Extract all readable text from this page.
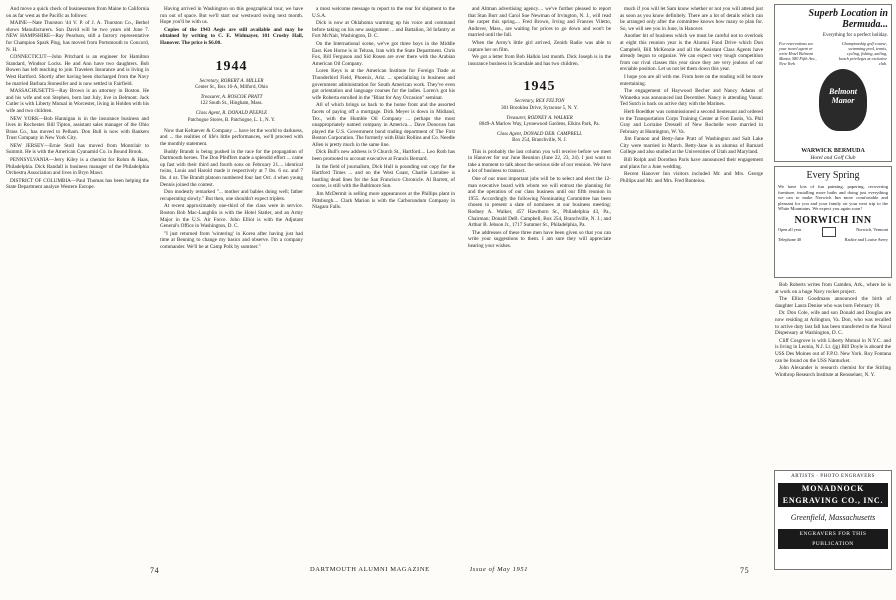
And move a quick check of businessmen from Maine to California on as far west as the Pacific as follows:

MAINE—Nate Thurston '44 V. P. of J. A. Thurston Co., Bethel shows Manufacturers. Son David will be two years old June 7. NEW HAMPSHIRE—Ray Pearlson, still a factory representative for Champion Spark Plug, has moved from Portsmouth to Concord, N. H.

CONNECTICUT—John Pritchard is an engineer for Hamilton Standard, Windsor Locks. He and Ann have two daughters. Bob Bowen has left teaching to join Travelers Insurance and is living in West Hartford. Shortly after having been discharged from the Navy he married Barbara Stonesifer and is now settled in Fairfield.

MASSACHUSETTS—Ray Brown is an attorney in Boston. He and his wife and son Stephen, born last July, live in Belmont. Jack Cutler is with Liberty Mutual in Worcester, living in Holden with his wife and two children.

NEW YORK—Bob Hannigan is in the insurance business and lives in Rochester. Bill Tipton, assistant sales manager of the Ohio Brass Co., has moved to Pelham. Don Bull is now with Bankers Trust Company in New York City.

NEW JERSEY—Ernie Stoll has moved from Montclair to Summit. He is with the American Cyanamid Co. in Bound Brook.

PENNSYLVANIA—Jerry Kiley is a chemist for Rohm & Haas, Philadelphia. Dick Randall is business manager of the Philadelphia Orchestra Association and lives in Bryn Mawr.

DISTRICT OF COLUMBIA—Paul Thomas has been helping the State Department analyze Western Europe.

Having arrived in Washington on this geographical tour, we have run out of space. But we'll start our westward swing next month. Hope you'll be with us.

Copies of the 1943 Aegis are still available and may be obtained by writing to C. E. Widmayer, 101 Crosby Hall, Hanover. The price is $6.00.

1944
Secretary, ROBERT A. MILLER
Center St., Box 16-A, Milford, Ohio
Treasurer, A. ROSCOE PRATT
122 South St., Hingham, Mass.
Class Agent, R. DONALD PEEPLE
Patchogue Stores, B. Patchogue, L. I., N. Y.

Now that Keltaever & Company ... have let the world to darkness, and ... the realities of life's little performances, we'll proceed with the monthly statement.

Buddy Brandt is being pushed in the race for the propagation of Dartmouth heroes. The Don Pfeiffers made a splendid effort ... came up fast with their third and fourth sons on February 21.... identical twins, Louis and Harold made it respectively at 7 lbs. 6 oz. and 7 lbs. 4 oz. The Brandt platoon numbered four last Oct. 4 when young Dennis joined the contest.

Don modestly remarked "... mother and babies doing well; father recuperating slowly." But then, one shouldn't expect triplets.

At recent approximately one-third of the class were in service. Boston Bob Mac-Laughlin is with the Hotel Statler, and an Army Major in the U.S. Air Force. John Elliot is with the Adjutant General's Office in Washington, D. C.

"I just returned from 'wintering' in Korea after having just had time at Benning to change my basics and observe. I'm a company commander. We'll be at Camp Polk by summer."

a most welcome message to report to the rear for shipment to the U.S.A.

Dick is now at Oklahoma warming up his voice and command before taking on his new assignment ... and Battalion, 3d Infantry at Fort McNair, Washington, D. C.

On the International scene, we've got three boys in the Middle East. Ken Horne is in Tehran, Iran with the State Department. Chris Fox, Bill Ferguson and Sid Rosen are over there with the Arabian American Oil Company.

Loren Keys is at the American Institute for Foreign Trade at Thunderbird Field, Phoenix, Ariz. ... specializing in business and government administration for South American work. They've even got orientation and language courses for the ladies. Loren's got his wife Roberta enrolled in the "Blast for Any Occasion" seminar.

All of which brings us back to the home front and the assorted facets of paying off a mortgage. Dick Meyer is down in Midland, Tex., with the Humble Oil Company ... perhaps the most unappropriately named company in America.... Dave Donovan has played the U.S. Government bond trading department of The First Boston Corporation. The formerly with Blair Rollins and Co. Needle Allen is pretty much in the same line.

Dick Bull's new address is 9 Church St., Hartford.... Leo Roth has been promoted to account executive at Francis Bernard.

In the field of journalism, Dick Hull is pounding out copy for the Hartford Times ... and on the West Coast, Charlie Larrabee is hustling dead lines for the San Francisco Chronicle. Al Barrett, of course, is still with the Baltimore Sun.

Jim McDermit is selling more appearances at the Phillips plant in Pittsburgh.... Clark Marion is with the Carborundum Company in Niagara Falls.

and Altman advertising agency.... we've further pleased to report that Stan Burr and Carol Sue Newman of Irvington, N. J., will read the carpet this spring.... Fred Brown, Irving and Frances Viletto, Andover, Mass., are waiting for prices to go down and won't be married until the fall.

When the Army's little girl arrived, Zenith Radio was able to capture her on film.

We got a letter from Bob Halkin last month. Dick Joseph is in the insurance business in Scarsdale and has two children.

1945
Secretary, REX FELTON
301 Brooklea Drive, Syracuse 5, N. Y.
Treasurer, RODNEY A. WALKER
8049-A Marlow Way, Lynnewood Gardens, Elkins Park, Pa.
Class Agent, DONALD DEB. CAMPBELL
Box 254, Branchville, N. J.

This is probably the last column you will receive before we meet in Hanover for our June Reunion (June 22, 23, 24). I just want to take a moment to talk about the serious side of our reunion. We have a lot of business to transact.

One of our most important jobs will be to select and elect the 12-man executive board with whom we will entrust the planning for and the operation of our class business until our fifth reunion in 1955. Accordingly the following Nominating Committee has been chosen to present a slate of nominees at our business meeting: Rodney A. Walker, 457 Hawthorn St., Philadelphia 43, Pa., Chairman; Donald DeB. Campbell, Box 254, Branchville, N. J.; and Arthur B. Jebson Jr., 1717 Summer St., Philadelphia, Pa.

The addresses of these three men have been given so that you can write your suggestions to them. I am sure they will appreciate hearing your wishes.

much if you will let Sam know whether or not you will attend just as soon as you know definitely. There are a lot of details which can be arranged only after the committee knows how many to plan for. So, we will see you in June, in Hanover.

Another bit of business which we must be careful not to overlook at eight this reunion year is the Alumni Fund Drive which Don Campbell, Bill McKenzie and all the Assistant Class Agents have already begun to organize. We can expect very tough competition from our rival classes this year since they are very jealous of our enviable position. Let us not let them down this year.

I hope you are all with me. From here on the reading will be more entertaining.

The engagement of Haywood Becher and Nancy Adams of Winnetka was announced last December. Nancy is attending Vassar. Ted Sutch is back on active duty with the Marines.

Herb Boedtker was commissioned a second lieutenant and ordered to the Transportation Corps Training Center at Fort Eustis, Va. Phil Gray and Lorraine Dressell of New Rochelle were married in February at Huntington, W. Va.

Jim Fannon and Betty-Jane Pratt of Washington and Salt Lake City were married in March. Betty-Jane is an alumna of Barnard College and also studied at the Universities of Utah and Maryland.

Bill Rolph and Dorothea Paris have announced their engagement and plans for a June wedding.

Recent Hanover Inn visitors included Mr. and Mrs. George Phillips and Mr. and Mrs. Fred Bonteiou.

Superb Location in Bermuda...
Everything for a perfect holiday.
For reservations see your travel agent or write Hotel Belmont Manor, 580 Fifth Ave., New York
Championship golf course, swimming pool, tennis, cycling, fishing, sailing, beach privileges at exclusive club.
Belmont Manor
WARWICK BERMUDA
Hotel and Golf Club
Every Spring
We have lots of fun painting, papering, recovering furniture, installing more baths and doing just everything we can to make Norwich Inn more comfortable and pleasant for you and your family on your next trip to the White Mountains. We expect you again soon!
NORWICH INN
Open all year	Norwich, Vermont
Telephone 40	Radice and Louise Avery

Bob Roberts writes from Camden, Ark., where he is at work on a huge Navy rocket project.

The Elliot Goodmans announced the birth of daughter Laura Denise who was born February 18.

Dr. Don Cole, wife and son Donald and Douglas are now residing at Arlington, Va. Don, who was recalled to active duty last fall has been transferred to the Naval Dispensary at Washington, D. C.

Cliff Cosgrove is with Liberty Mutual in N.Y.C. and is living in Leonia, N.J. Lt. (jg) Bill Doyle is aboard the USS Des Moines out of F.P.O. New York. Roy Fontana can be found on the USS Nantucket.

John Alexander is research chemist for the Stirling Winthrop Research Institute at Rensselaer, N. Y.

ARTISTS · PHOTO ENGRAVERS
MONADNOCK ENGRAVING CO., INC.
Greenfield, Massachusetts
ENGRAVERS FOR THIS PUBLICATION
74	DARTMOUTH ALUMNI MAGAZINE	Issue of May 1951	75
